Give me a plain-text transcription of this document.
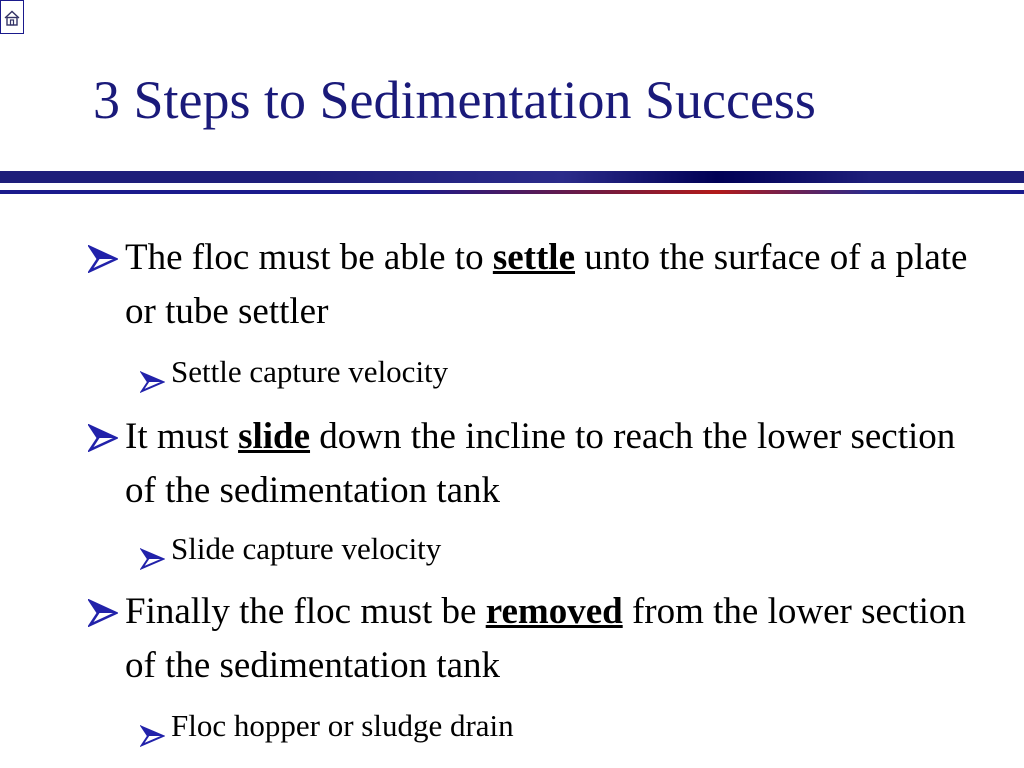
3 Steps to Sedimentation Success
The floc must be able to settle unto the surface of a plate or tube settler
Settle capture velocity
It must slide down the incline to reach the lower section of the sedimentation tank
Slide capture velocity
Finally the floc must be removed from the lower section of the sedimentation tank
Floc hopper or sludge drain
